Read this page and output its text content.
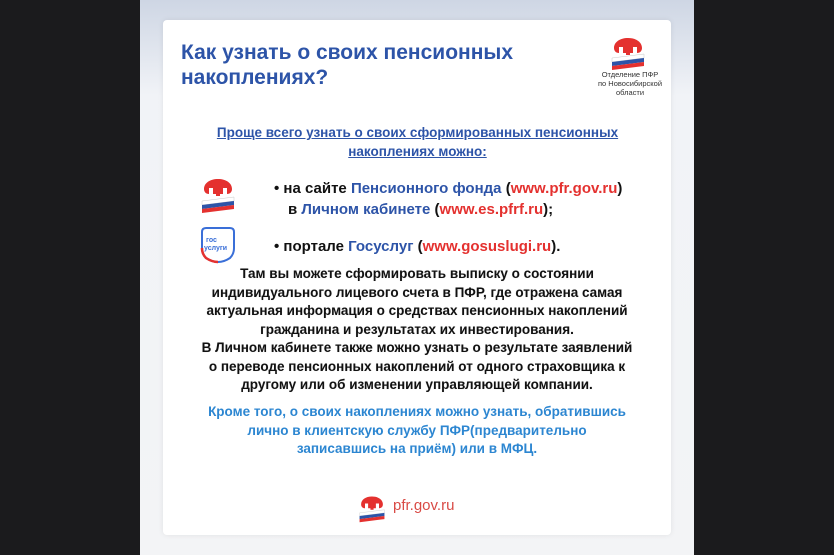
Как узнать о своих пенсионных
накоплениях?	Отделение ПФР
по Новосибирской
области
Проще всего узнать о своих сформированных пенсионных
накоплениях можно:
гос
услуги
• на сайте Пенсионного фонда (www.pfr.gov.ru)
в Личном кабинете (www.es.pfrf.ru);
• портале Госуслуг (www.gosuslugi.ru).
Там вы можете сформировать выписку о состоянии
индивидуального лицевого счета в ПФР, где отражена самая
актуальная информация о средствах пенсионных накоплений
гражданина и результатах их инвестирования.
В Личном кабинете также можно узнать о результате заявлений
о переводе пенсионных накоплений от одного страховщика к
другому или об изменении управляющей компании.
Кроме того, о своих накоплениях можно узнать, обратившись
лично в клиентскую службу ПФР(предварительно
записавшись на приём) или в МФЦ.
pfr.gov.ru
